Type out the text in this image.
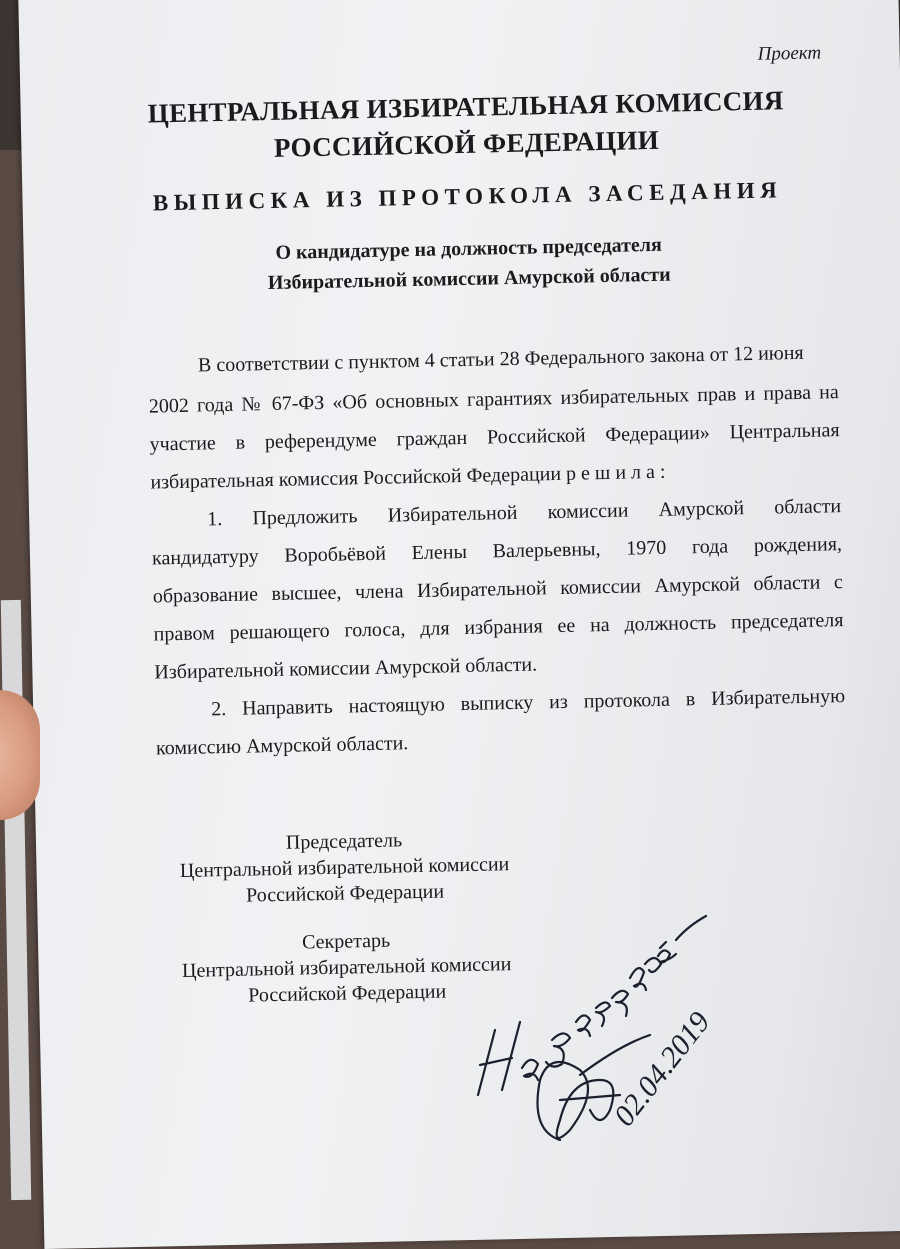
Проект
ЦЕНТРАЛЬНАЯ ИЗБИРАТЕЛЬНАЯ КОМИССИЯ
РОССИЙСКОЙ ФЕДЕРАЦИИ
ВЫПИСКА ИЗ ПРОТОКОЛА ЗАСЕДАНИЯ
О кандидатуре на должность председателя
Избирательной комиссии Амурской области
В соответствии с пунктом 4 статьи 28 Федерального закона от 12 июня
2002 года № 67-ФЗ «Об основных гарантиях избирательных прав и права на
участие в референдуме граждан Российской Федерации» Центральная
избирательная комиссия Российской Федерации р е ш и л а :
1. Предложить Избирательной комиссии Амурской области
кандидатуру Воробьёвой Елены Валерьевны, 1970 года рождения,
образование высшее, члена Избирательной комиссии Амурской области с
правом решающего голоса, для избрания ее на должность председателя
Избирательной комиссии Амурской области.
2. Направить настоящую выписку из протокола в Избирательную
комиссию Амурской области.
Председатель
Центральной избирательной комиссии
Российской Федерации
Секретарь
Центральной избирательной комиссии
Российской Федерации
02.04.2019
